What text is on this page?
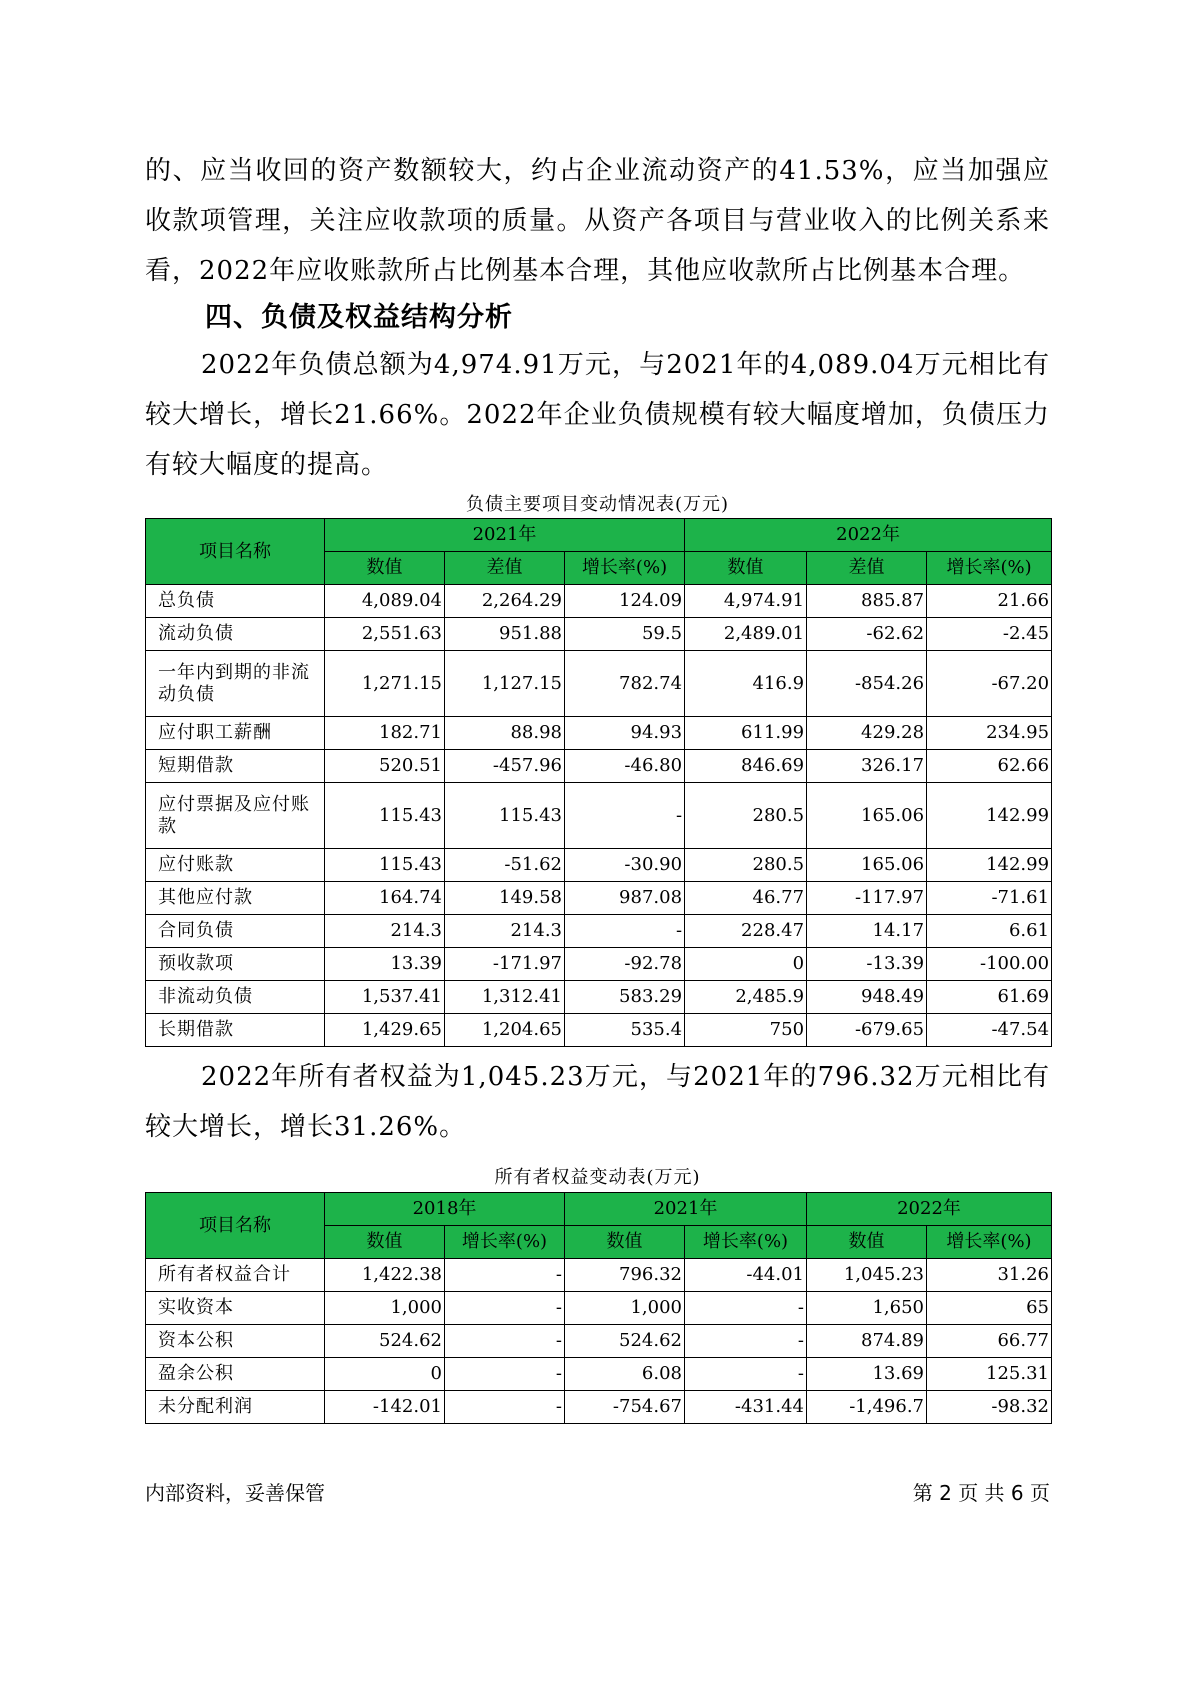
的、应当收回的资产数额较大，约占企业流动资产的41.53%，应当加强应收款项管理，关注应收款项的质量。从资产各项目与营业收入的比例关系来看，2022年应收账款所占比例基本合理，其他应收款所占比例基本合理。

四、负债及权益结构分析

2022年负债总额为4,974.91万元，与2021年的4,089.04万元相比有较大增长，增长21.66%。2022年企业负债规模有较大幅度增加，负债压力有较大幅度的提高。

负债主要项目变动情况表(万元)
项目名称	2021年			2022年		
	数值	差值	增长率(%)	数值	差值	增长率(%)
总负债	4,089.04	2,264.29	124.09	4,974.91	885.87	21.66
流动负债	2,551.63	951.88	59.5	2,489.01	-62.62	-2.45
一年内到期的非流动负债	1,271.15	1,127.15	782.74	416.9	-854.26	-67.20
应付职工薪酬	182.71	88.98	94.93	611.99	429.28	234.95
短期借款	520.51	-457.96	-46.80	846.69	326.17	62.66
应付票据及应付账款	115.43	115.43	-	280.5	165.06	142.99
应付账款	115.43	-51.62	-30.90	280.5	165.06	142.99
其他应付款	164.74	149.58	987.08	46.77	-117.97	-71.61
合同负债	214.3	214.3	-	228.47	14.17	6.61
预收款项	13.39	-171.97	-92.78	0	-13.39	-100.00
非流动负债	1,537.41	1,312.41	583.29	2,485.9	948.49	61.69
长期借款	1,429.65	1,204.65	535.4	750	-679.65	-47.54

2022年所有者权益为1,045.23万元，与2021年的796.32万元相比有较大增长，增长31.26%。

所有者权益变动表(万元)
项目名称	2018年		2021年		2022年	
	数值	增长率(%)	数值	增长率(%)	数值	增长率(%)
所有者权益合计	1,422.38	-	796.32	-44.01	1,045.23	31.26
实收资本	1,000	-	1,000	-	1,650	65
资本公积	524.62	-	524.62	-	874.89	66.77
盈余公积	0	-	6.08	-	13.69	125.31
未分配利润	-142.01	-	-754.67	-431.44	-1,496.7	-98.32
内部资料，妥善保管	第 2 页 共 6 页
